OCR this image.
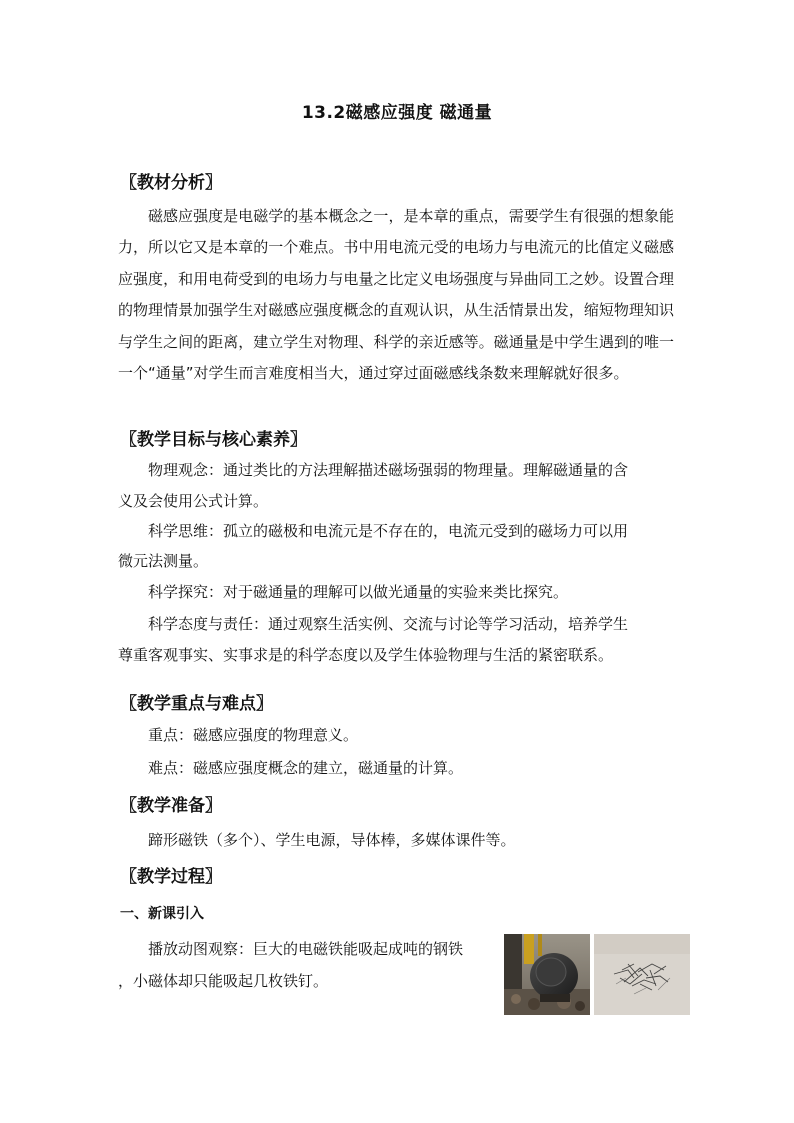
13.2磁感应强度 磁通量
〖教材分析〗

磁感应强度是电磁学的基本概念之一，是本章的重点，需要学生有很强的想象能力，所以它又是本章的一个难点。书中用电流元受的电场力与电流元的比值定义磁感应强度，和用电荷受到的电场力与电量之比定义电场强度与异曲同工之妙。设置合理的物理情景加强学生对磁感应强度概念的直观认识，从生活情景出发，缩短物理知识与学生之间的距离，建立学生对物理、科学的亲近感等。磁通量是中学生遇到的唯一一个“通量”对学生而言难度相当大，通过穿过面磁感线条数来理解就好很多。

〖教学目标与核心素养〗
物理观念：通过类比的方法理解描述磁场强弱的物理量。理解磁通量的含
义及会使用公式计算。
科学思维：孤立的磁极和电流元是不存在的，电流元受到的磁场力可以用
微元法测量。
科学探究：对于磁通量的理解可以做光通量的实验来类比探究。
科学态度与责任：通过观察生活实例、交流与讨论等学习活动，培养学生
尊重客观事实、实事求是的科学态度以及学生体验物理与生活的紧密联系。
〖教学重点与难点〗
重点：磁感应强度的物理意义。
难点：磁感应强度概念的建立，磁通量的计算。
〖教学准备〗
蹄形磁铁（多个）、学生电源，导体棒，多媒体课件等。
〖教学过程〗
一、新课引入
播放动图观察：巨大的电磁铁能吸起成吨的钢铁
，小磁体却只能吸起几枚铁钉。
